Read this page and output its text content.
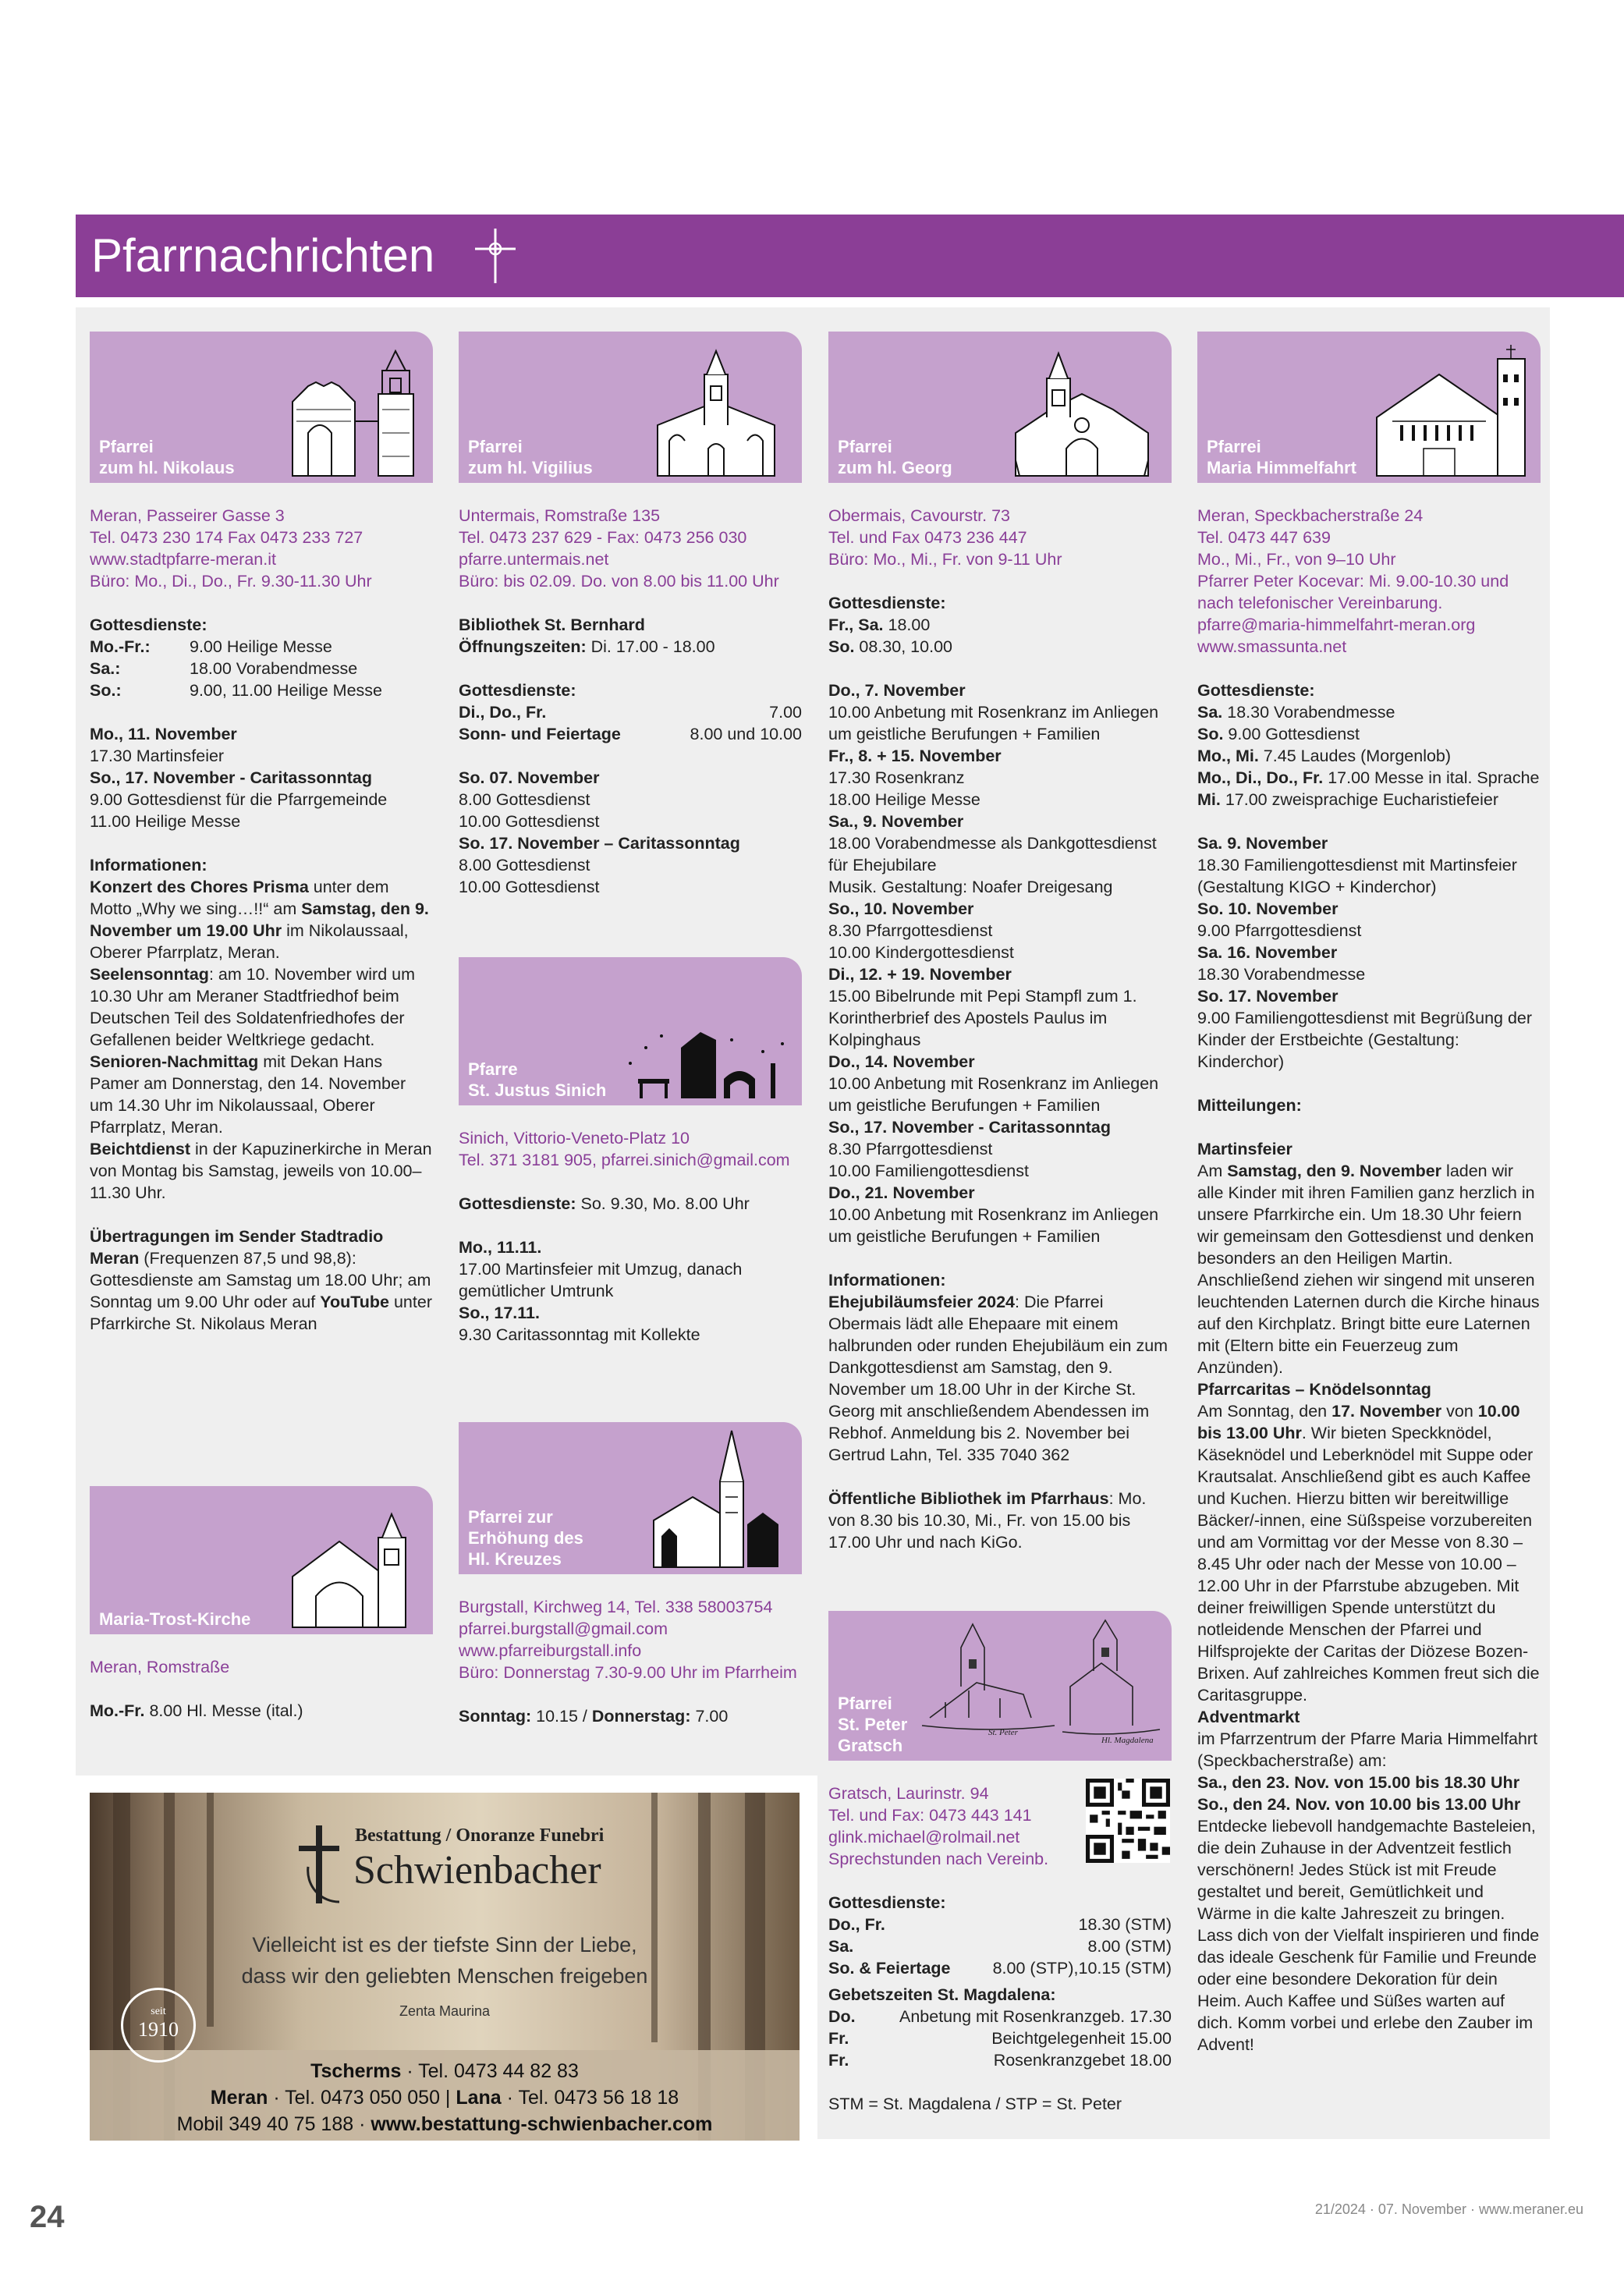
Pfarrnachrichten
Pfarrei
zum hl. Nikolaus
Meran, Passeirer Gasse 3
Tel. 0473 230 174 Fax 0473 233 727
www.stadtpfarre-meran.it
Büro: Mo., Di., Do., Fr. 9.30-11.30 Uhr
Gottesdienste:
Mo.-Fr.:	9.00 Heilige Messe
Sa.:	18.00 Vorabendmesse
So.:	9.00, 11.00 Heilige Messe
Mo., 11. November
17.30 Martinsfeier
So., 17. November - Caritassonntag
9.00 Gottesdienst für die Pfarrgemeinde
11.00 Heilige Messe
Informationen:
Konzert des Chores Prisma unter dem Motto „Why we sing…!!“ am Samstag, den 9. November um 19.00 Uhr im Nikolaussaal, Oberer Pfarrplatz, Meran.
Seelensonntag: am 10. November wird um 10.30 Uhr am Meraner Stadtfriedhof beim Deutschen Teil des Soldatenfriedhofes der Gefallenen beider Weltkriege gedacht.
Senioren-Nachmittag mit Dekan Hans Pamer am Donnerstag, den 14. November um 14.30 Uhr im Nikolaussaal, Oberer Pfarrplatz, Meran.
Beichtdienst in der Kapuzinerkirche in Meran von Montag bis Samstag, jeweils von 10.00–11.30 Uhr.
Übertragungen im Sender Stadtradio Meran (Frequenzen 87,5 und 98,8): Gottesdienste am Samstag um 18.00 Uhr; am Sonntag um 9.00 Uhr oder auf YouTube unter Pfarrkirche St. Nikolaus Meran
Maria-Trost-Kirche
Meran, Romstraße
Mo.-Fr. 8.00 Hl. Messe (ital.)
Pfarrei
zum hl. Vigilius
Untermais, Romstraße 135
Tel. 0473 237 629 - Fax: 0473 256 030
pfarre.untermais.net
Büro: bis 02.09. Do. von 8.00 bis 11.00 Uhr
Bibliothek St. Bernhard
Öffnungszeiten: Di. 17.00 - 18.00
Gottesdienste:
Di., Do., Fr.	7.00
Sonn- und Feiertage	8.00 und 10.00
So. 07. November
8.00 Gottesdienst
10.00 Gottesdienst
So. 17. November – Caritassonntag
8.00 Gottesdienst
10.00 Gottesdienst
Pfarre
St. Justus Sinich
Sinich, Vittorio-Veneto-Platz 10
Tel. 371 3181 905, pfarrei.sinich@gmail.com
Gottesdienste: So. 9.30, Mo. 8.00 Uhr
Mo., 11.11.
17.00 Martinsfeier mit Umzug, danach gemütlicher Umtrunk
So., 17.11.
9.30 Caritassonntag mit Kollekte
Pfarrei zur
Erhöhung des
Hl. Kreuzes
Burgstall, Kirchweg 14, Tel. 338 58003754
pfarrei.burgstall@gmail.com
www.pfarreiburgstall.info
Büro: Donnerstag 7.30-9.00 Uhr im Pfarrheim
Sonntag: 10.15 / Donnerstag: 7.00
Pfarrei
zum hl. Georg
Obermais, Cavourstr. 73
Tel. und Fax 0473 236 447
Büro: Mo., Mi., Fr. von 9-11 Uhr
Gottesdienste:
Fr., Sa. 18.00
So. 08.30, 10.00
Do., 7. November
10.00 Anbetung mit Rosenkranz im Anliegen um geistliche Berufungen + Familien
Fr., 8. + 15. November
17.30 Rosenkranz
18.00 Heilige Messe
Sa., 9. November
18.00 Vorabendmesse als Dankgottesdienst für Ehejubilare
Musik. Gestaltung: Noafer Dreigesang
So., 10. November
8.30 Pfarrgottesdienst
10.00 Kindergottesdienst
Di., 12. + 19. November
15.00 Bibelrunde mit Pepi Stampfl zum 1. Korintherbrief des Apostels Paulus im Kolpinghaus
Do., 14. November
10.00 Anbetung mit Rosenkranz im Anliegen um geistliche Berufungen + Familien
So., 17. November - Caritassonntag
8.30 Pfarrgottesdienst
10.00 Familiengottesdienst
Do., 21. November
10.00 Anbetung mit Rosenkranz im Anliegen um geistliche Berufungen + Familien
Informationen:
Ehejubiläumsfeier 2024: Die Pfarrei Obermais lädt alle Ehepaare mit einem halbrunden oder runden Ehejubiläum ein zum Dankgottesdienst am Samstag, den 9. November um 18.00 Uhr in der Kirche St. Georg mit anschließendem Abendessen im Rebhof. Anmeldung bis 2. November bei Gertrud Lahn, Tel. 335 7040 362
Öffentliche Bibliothek im Pfarrhaus: Mo. von 8.30 bis 10.30, Mi., Fr. von 15.00 bis 17.00 Uhr und nach KiGo.
St. Peter
Hl. Magdalena
Pfarrei
St. Peter
Gratsch
Gratsch, Laurinstr. 94
Tel. und Fax: 0473 443 141
glink.michael@rolmail.net
Sprechstunden nach Vereinb.
Gottesdienste:
Do., Fr.	18.30 (STM)
Sa.	8.00 (STM)
So. & Feiertage	8.00 (STP),10.15 (STM)
Gebetszeiten St. Magdalena:
Do.	Anbetung mit Rosenkranzgeb. 17.30
Fr.	Beichtgelegenheit 15.00
Fr.	Rosenkranzgebet 18.00
STM = St. Magdalena / STP = St. Peter
Pfarrei
Maria Himmelfahrt
Meran, Speckbacherstraße 24
Tel. 0473 447 639
Mo., Mi., Fr., von 9–10 Uhr
Pfarrer Peter Kocevar: Mi. 9.00-10.30 und nach telefonischer Vereinbarung.
pfarre@maria-himmelfahrt-meran.org
www.smassunta.net
Gottesdienste:
Sa. 18.30 Vorabendmesse
So. 9.00 Gottesdienst
Mo., Mi. 7.45 Laudes (Morgenlob)
Mo., Di., Do., Fr. 17.00 Messe in ital. Sprache
Mi. 17.00 zweisprachige Eucharistiefeier
Sa. 9. November
18.30 Familiengottesdienst mit Martinsfeier (Gestaltung KIGO + Kinderchor)
So. 10. November
9.00 Pfarrgottesdienst
Sa. 16. November
18.30 Vorabendmesse
So. 17. November
9.00 Familiengottesdienst mit Begrüßung der Kinder der Erstbeichte (Gestaltung: Kinderchor)
Mitteilungen:
Martinsfeier
Am Samstag, den 9. November laden wir alle Kinder mit ihren Familien ganz herzlich in unsere Pfarrkirche ein. Um 18.30 Uhr feiern wir gemeinsam den Gottesdienst und denken besonders an den Heiligen Martin. Anschließend ziehen wir singend mit unseren leuchtenden Laternen durch die Kirche hinaus auf den Kirchplatz. Bringt bitte eure Laternen mit (Eltern bitte ein Feuerzeug zum Anzünden).
Pfarrcaritas – Knödelsonntag
Am Sonntag, den 17. November von 10.00 bis 13.00 Uhr. Wir bieten Speckknödel, Käseknödel und Leberknödel mit Suppe oder Krautsalat. Anschließend gibt es auch Kaffee und Kuchen. Hierzu bitten wir bereitwillige Bäcker/-innen, eine Süßspeise vorzubereiten und am Vormittag vor der Messe von 8.30 – 8.45 Uhr oder nach der Messe von 10.00 – 12.00 Uhr in der Pfarrstube abzugeben. Mit deiner freiwilligen Spende unterstützt du notleidende Menschen der Pfarrei und Hilfsprojekte der Caritas der Diözese Bozen-Brixen. Auf zahlreiches Kommen freut sich die Caritasgruppe.
Adventmarkt
im Pfarrzentrum der Pfarre Maria Himmelfahrt (Speckbacherstraße) am:
Sa., den 23. Nov. von 15.00 bis 18.30 Uhr
So., den 24. Nov. von 10.00 bis 13.00 Uhr
Entdecke liebevoll handgemachte Basteleien, die dein Zuhause in der Adventzeit festlich verschönern! Jedes Stück ist mit Freude gestaltet und bereit, Gemütlichkeit und Wärme in die kalte Jahreszeit zu bringen. Lass dich von der Vielfalt inspirieren und finde das ideale Geschenk für Familie und Freunde oder eine besondere Dekoration für dein Heim. Auch Kaffee und Süßes warten auf dich. Komm vorbei und erlebe den Zauber im Advent!
Bestattung / Onoranze Funebri
Schwienbacher
Vielleicht ist es der tiefste Sinn der Liebe,
dass wir den geliebten Menschen freigeben
Zenta Maurina
seit
1910
Tscherms · Tel. 0473 44 82 83
Meran · Tel. 0473 050 050 | Lana · Tel. 0473 56 18 18
Mobil 349 40 75 188 · www.bestattung-schwienbacher.com
24	21/2024 · 07. November · www.meraner.eu
